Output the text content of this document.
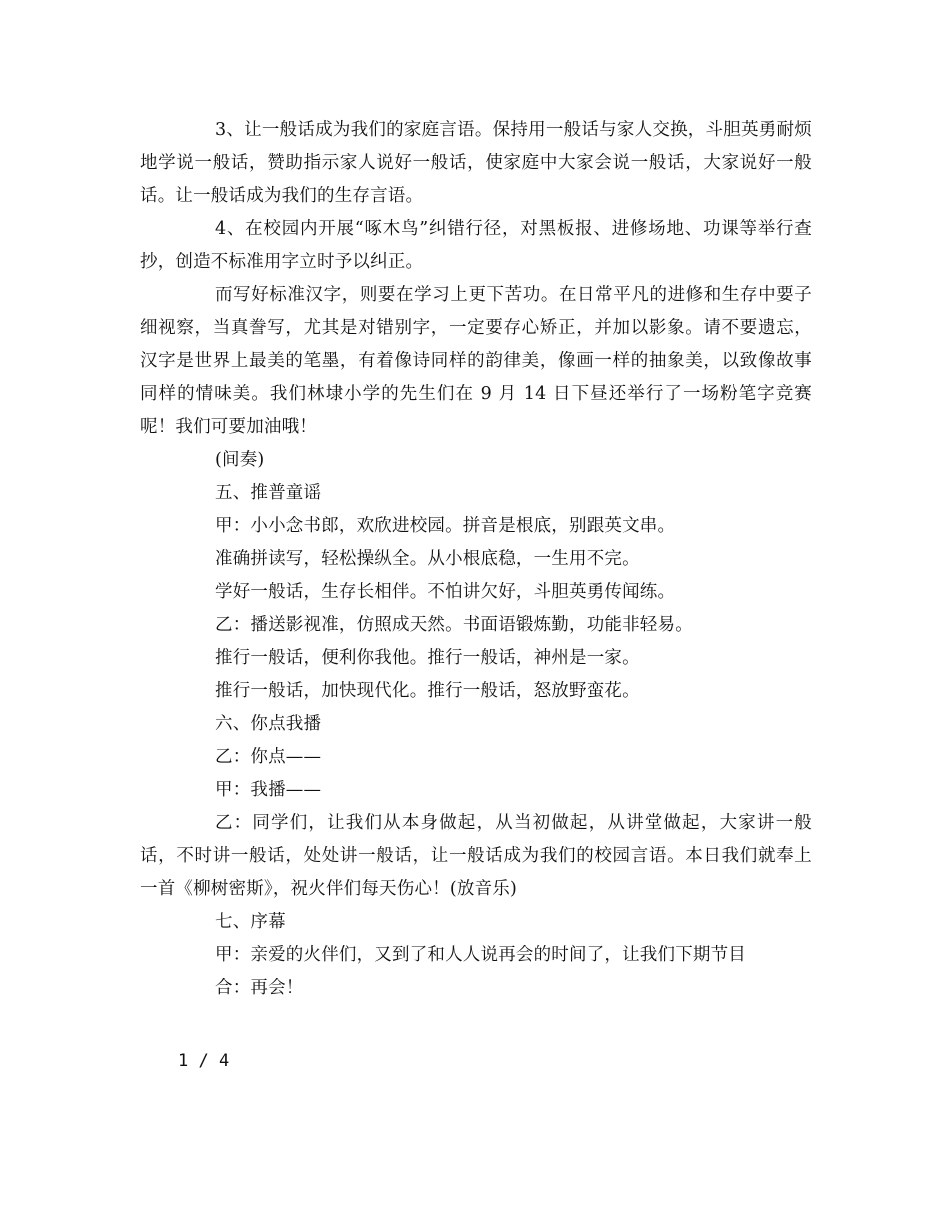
3、让一般话成为我们的家庭言语。保持用一般话与家人交换，斗胆英勇耐烦地学说一般话，赞助指示家人说好一般话，使家庭中大家会说一般话，大家说好一般话。让一般话成为我们的生存言语。

4、在校园内开展“啄木鸟”纠错行径，对黑板报、进修场地、功课等举行查抄，创造不标准用字立时予以纠正。

而写好标准汉字，则要在学习上更下苦功。在日常平凡的进修和生存中要子细视察，当真誊写，尤其是对错别字，一定要存心矫正，并加以影象。请不要遗忘，汉字是世界上最美的笔墨，有着像诗同样的韵律美，像画一样的抽象美，以致像故事同样的情味美。我们林埭小学的先生们在 9 月 14 日下昼还举行了一场粉笔字竞赛呢！我们可要加油哦！

(间奏)

五、推普童谣

甲：小小念书郎，欢欣进校园。拼音是根底，别跟英文串。

准确拼读写，轻松操纵全。从小根底稳，一生用不完。

学好一般话，生存长相伴。不怕讲欠好，斗胆英勇传闻练。

乙：播送影视准，仿照成天然。书面语锻炼勤，功能非轻易。

推行一般话，便利你我他。推行一般话，神州是一家。

推行一般话，加快现代化。推行一般话，怒放野蛮花。

六、你点我播

乙：你点——

甲：我播——

乙：同学们，让我们从本身做起，从当初做起，从讲堂做起，大家讲一般话，不时讲一般话，处处讲一般话，让一般话成为我们的校园言语。本日我们就奉上一首《柳树密斯》，祝火伴们每天伤心！(放音乐)

七、序幕

甲：亲爱的火伴们，又到了和人人说再会的时间了，让我们下期节目

合：再会！

1 / 4
